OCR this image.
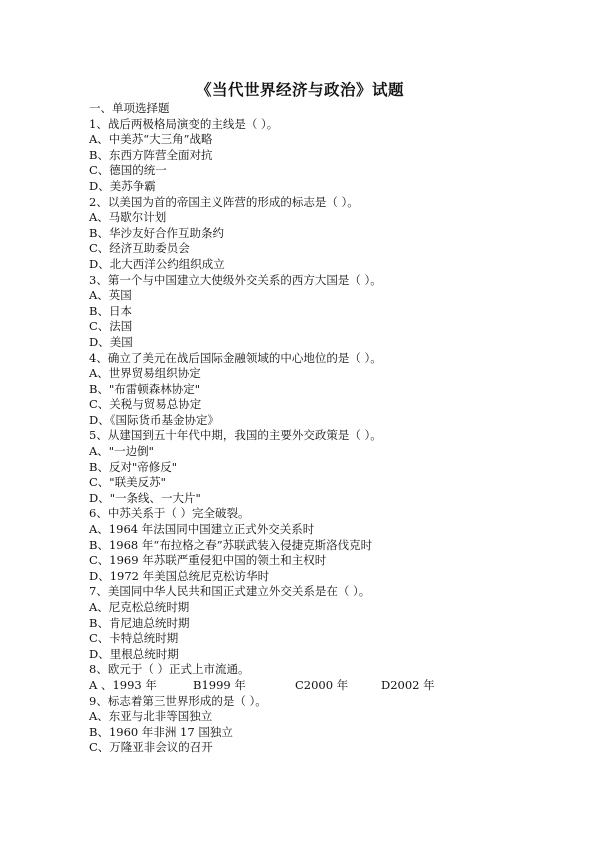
《当代世界经济与政治》试题
一、单项选择题
1、战后两极格局演变的主线是（ ）。
A、中美苏“大三角”战略
B、东西方阵营全面对抗
C、德国的统一
D、美苏争霸
2、以美国为首的帝国主义阵营的形成的标志是（ ）。
A、马歇尔计划
B、华沙友好合作互助条约
C、经济互助委员会
D、北大西洋公约组织成立
3、第一个与中国建立大使级外交关系的西方大国是（ ）。
A、英国
B、日本
C、法国
D、美国
4、确立了美元在战后国际金融领域的中心地位的是（ ）。
A、世界贸易组织协定
B、"布雷顿森林协定"
C、关税与贸易总协定
D、《国际货币基金协定》
5、从建国到五十年代中期，我国的主要外交政策是（ ）。
A、"一边倒"
B、反对"帝修反"
C、"联美反苏"
D、"一条线、一大片"
6、中苏关系于（ ）完全破裂。
A、1964 年法国同中国建立正式外交关系时
B、1968 年“布拉格之春”苏联武装入侵捷克斯洛伐克时
C、1969 年苏联严重侵犯中国的领土和主权时
D、1972 年美国总统尼克松访华时
7、美国同中华人民共和国正式建立外交关系是在（ ）。
A、尼克松总统时期
B、肯尼迪总统时期
C、卡特总统时期
D、里根总统时期
8、欧元于（ ）正式上市流通。
A 、1993 年	B1999 年	C2000 年	D2002 年
9、标志着第三世界形成的是（ ）。
A、东亚与北非等国独立
B、1960 年非洲 17 国独立
C、万隆亚非会议的召开
